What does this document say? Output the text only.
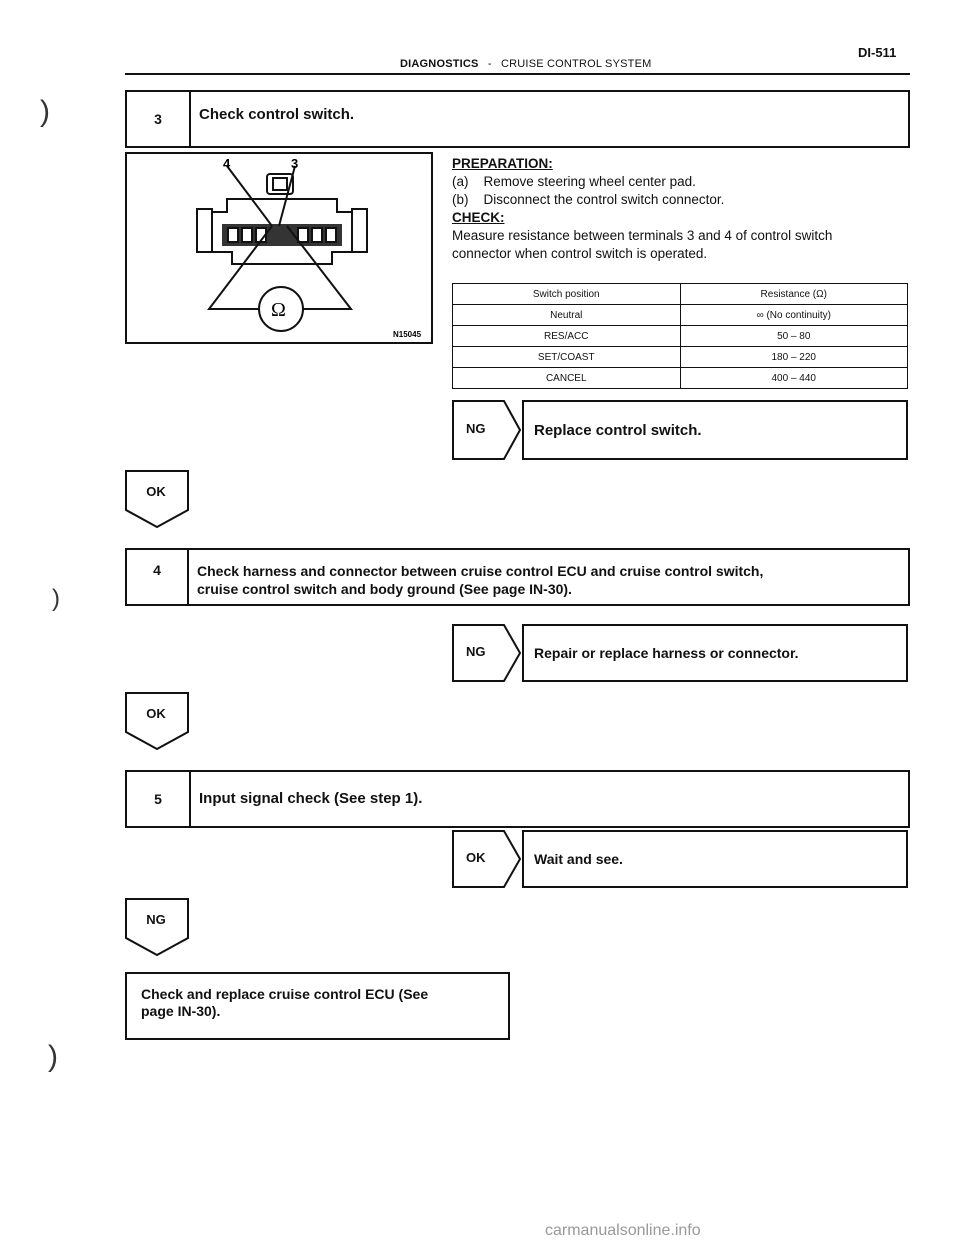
)
)
)
DIAGNOSTICS - CRUISE CONTROL SYSTEM
DI-511
3	Check control switch.
4	3
Ω
N15045
PREPARATION:
(a)    Remove steering wheel center pad.
(b)    Disconnect the control switch connector.
CHECK:
Measure resistance between terminals 3 and 4 of control switch
connector when control switch is operated.
Switch position	Resistance (Ω)
Neutral	∞ (No continuity)
RES/ACC	50 – 80
SET/COAST	180 – 220
CANCEL	400 – 440
NG	Replace control switch.
OK
4	Check harness and connector between cruise control ECU and cruise control switch,
cruise control switch and body ground (See page IN-30).
NG	Repair or replace harness or connector.
OK
5	Input signal check (See step 1).
OK	Wait and see.
NG
Check and replace cruise control ECU (See
page IN-30).
carmanualsonline.info
